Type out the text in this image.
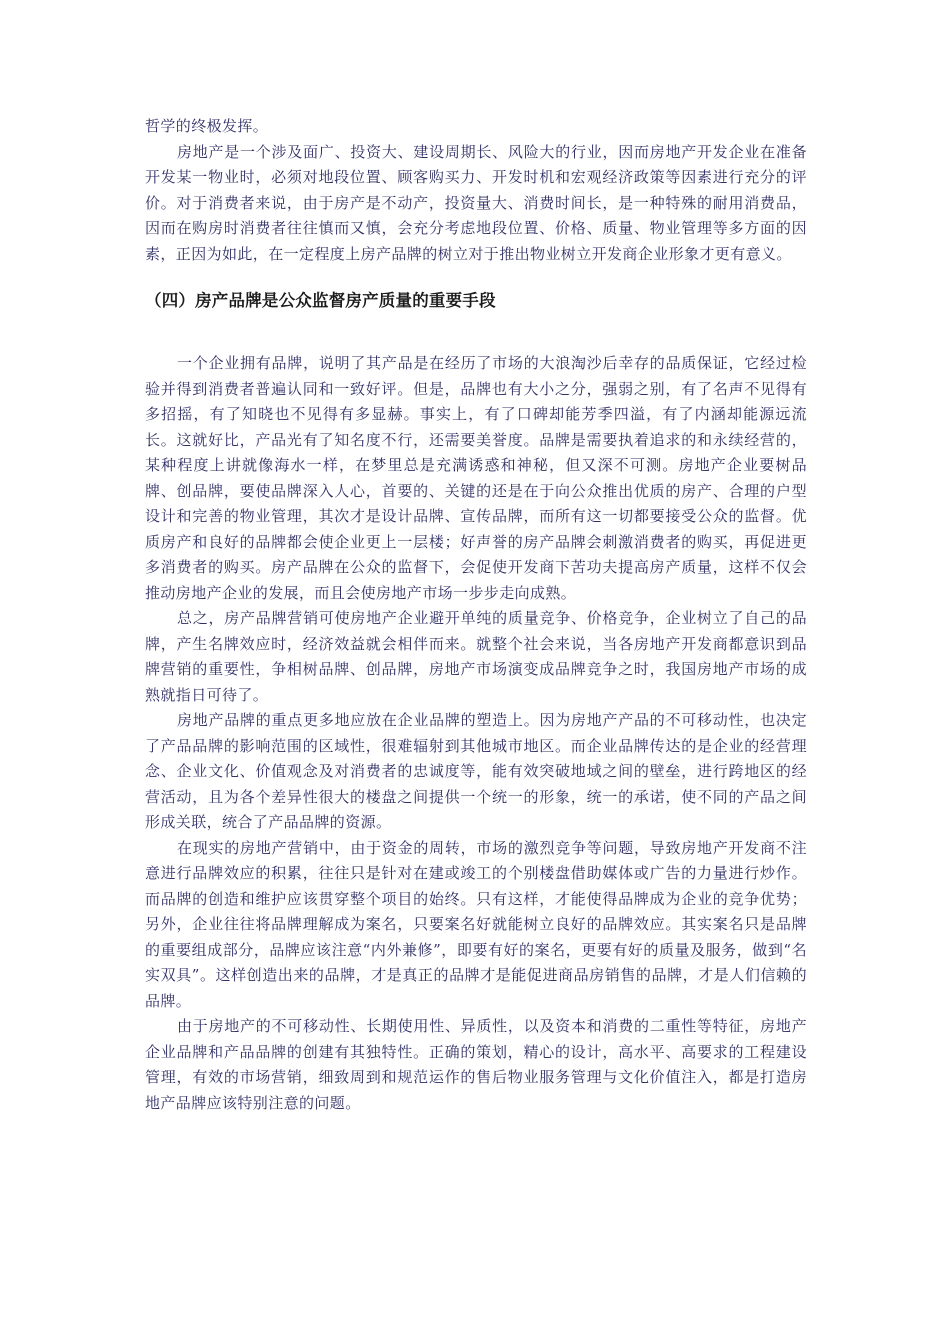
哲学的终极发挥。

房地产是一个涉及面广、投资大、建设周期长、风险大的行业，因而房地产开发企业在准备开发某一物业时，必须对地段位置、顾客购买力、开发时机和宏观经济政策等因素进行充分的评价。对于消费者来说，由于房产是不动产，投资量大、消费时间长，是一种特殊的耐用消费品，因而在购房时消费者往往慎而又慎，会充分考虑地段位置、价格、质量、物业管理等多方面的因素，正因为如此，在一定程度上房产品牌的树立对于推出物业树立开发商企业形象才更有意义。

（四）房产品牌是公众监督房产质量的重要手段

一个企业拥有品牌，说明了其产品是在经历了市场的大浪淘沙后幸存的品质保证，它经过检验并得到消费者普遍认同和一致好评。但是，品牌也有大小之分，强弱之别，有了名声不见得有多招摇，有了知晓也不见得有多显赫。事实上，有了口碑却能芳季四溢，有了内涵却能源远流长。这就好比，产品光有了知名度不行，还需要美誉度。品牌是需要执着追求的和永续经营的，某种程度上讲就像海水一样，在梦里总是充满诱惑和神秘，但又深不可测。房地产企业要树品牌、创品牌，要使品牌深入人心，首要的、关键的还是在于向公众推出优质的房产、合理的户型设计和完善的物业管理，其次才是设计品牌、宣传品牌，而所有这一切都要接受公众的监督。优质房产和良好的品牌都会使企业更上一层楼；好声誉的房产品牌会刺激消费者的购买，再促进更多消费者的购买。房产品牌在公众的监督下，会促使开发商下苦功夫提高房产质量，这样不仅会推动房地产企业的发展，而且会使房地产市场一步步走向成熟。

总之，房产品牌营销可使房地产企业避开单纯的质量竞争、价格竞争，企业树立了自己的品牌，产生名牌效应时，经济效益就会相伴而来。就整个社会来说，当各房地产开发商都意识到品牌营销的重要性，争相树品牌、创品牌，房地产市场演变成品牌竞争之时，我国房地产市场的成熟就指日可待了。

房地产品牌的重点更多地应放在企业品牌的塑造上。因为房地产产品的不可移动性，也决定了产品品牌的影响范围的区域性，很难辐射到其他城市地区。而企业品牌传达的是企业的经营理念、企业文化、价值观念及对消费者的忠诚度等，能有效突破地域之间的壁垒，进行跨地区的经营活动，且为各个差异性很大的楼盘之间提供一个统一的形象，统一的承诺，使不同的产品之间形成关联，统合了产品品牌的资源。

在现实的房地产营销中，由于资金的周转，市场的激烈竞争等问题，导致房地产开发商不注意进行品牌效应的积累，往往只是针对在建或竣工的个别楼盘借助媒体或广告的力量进行炒作。而品牌的创造和维护应该贯穿整个项目的始终。只有这样，才能使得品牌成为企业的竞争优势；另外，企业往往将品牌理解成为案名，只要案名好就能树立良好的品牌效应。其实案名只是品牌的重要组成部分，品牌应该注意“内外兼修”，即要有好的案名，更要有好的质量及服务，做到“名实双具”。这样创造出来的品牌，才是真正的品牌才是能促进商品房销售的品牌，才是人们信赖的品牌。

由于房地产的不可移动性、长期使用性、异质性，以及资本和消费的二重性等特征，房地产企业品牌和产品品牌的创建有其独特性。正确的策划，精心的设计，高水平、高要求的工程建设管理，有效的市场营销，细致周到和规范运作的售后物业服务管理与文化价值注入，都是打造房地产品牌应该特别注意的问题。
